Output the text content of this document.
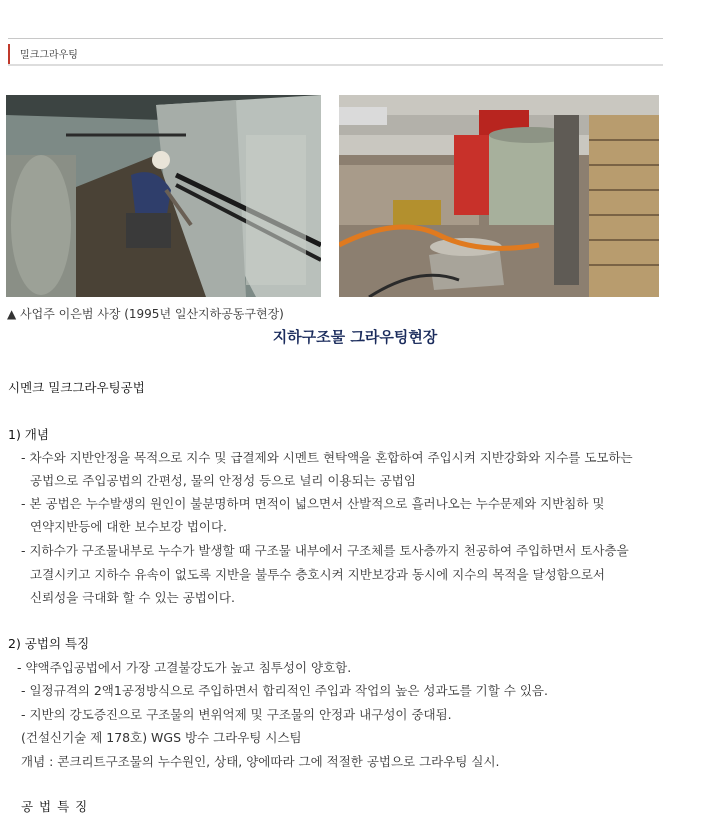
밀크그라우팅
▲ 사업주 이은범 사장 (1995년 일산지하공동구현장)
지하구조물 그라우팅현장
시멘크 밀크그라우팅공법
1) 개념
- 차수와 지반안정을 목적으로 지수 및 급결제와 시멘트 현탁액을 혼합하여 주입시켜 지반강화와 지수를 도모하는
공법으로 주입공법의 간편성, 물의 안정성 등으로 널리 이용되는 공법임
- 본 공법은 누수발생의 원인이 불분명하며 면적이 넓으면서 산발적으로 흘러나오는 누수문제와 지반침하 및
연약지반등에 대한 보수보강 법이다.
- 지하수가 구조물내부로 누수가 발생할 때 구조물 내부에서 구조체를 토사층까지 천공하여 주입하면서 토사층을
고결시키고 지하수 유속이 없도록 지반을 불투수 층호시켜 지반보강과 동시에 지수의 목적을 달성함으로서
신뢰성을 극대화 할 수 있는 공법이다.
2) 공법의 특징
- 약액주입공법에서 가장 고결불강도가 높고 침투성이 양호함.
- 일정규격의 2액1공정방식으로 주입하면서 합리적인 주입과 작업의 높은 성과도를 기할 수 있음.
- 지반의 강도증진으로 구조물의 변위억제 및 구조물의 안정과 내구성이 중대됨.
(건설신기술 제 178호) WGS 방수 그라우팅 시스팀
개념 : 콘크리트구조물의 누수원인, 상태, 양에따라 그에 적절한 공법으로 그라우팅 실시.
공 법 특 징
